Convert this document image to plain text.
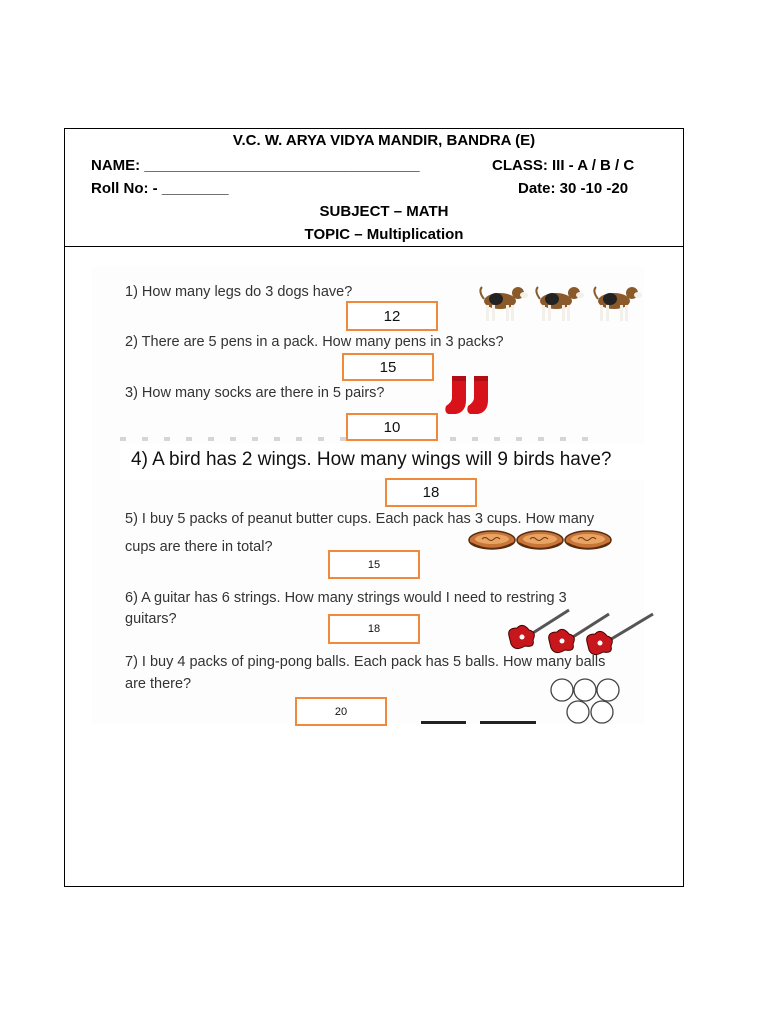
V.C. W. ARYA VIDYA MANDIR, BANDRA (E)
NAME: _________________________________	CLASS: III - A / B / C
Roll No: - ________	Date: 30 -10 -20
SUBJECT – MATH
TOPIC – Multiplication
1) How many legs do 3 dogs have?
12
2) There are 5 pens in a pack. How many pens in 3 packs?
15
3) How many socks are there in 5 pairs?
10
4) A bird has 2 wings. How many wings will 9 birds have?
18
5) I buy 5 packs of peanut butter cups. Each pack has 3 cups. How many
cups are there in total?
15
6) A guitar has 6 strings. How many strings would I need to restring 3
guitars?
18
7) I buy 4 packs of ping-pong balls. Each pack has 5 balls. How many balls
are there?
20
